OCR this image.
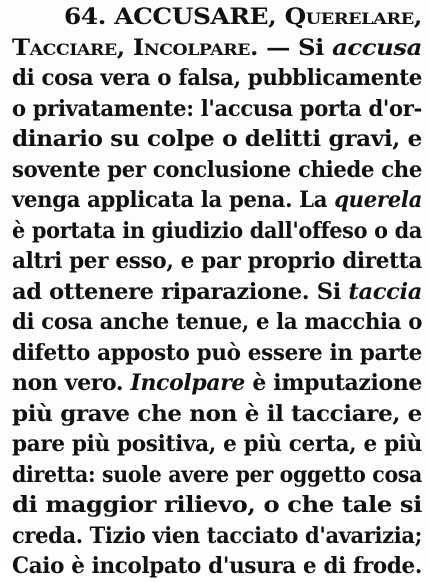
64. ACCUSARE, Querelare,
Tacciare, Incolpare. — Si accusa
di cosa vera o falsa, pubblicamente
o privatamente: l'accusa porta d'or-
dinario su colpe o delitti gravi, e
sovente per conclusione chiede che
venga applicata la pena. La querela
è portata in giudizio dall'offeso o da
altri per esso, e par proprio diretta
ad ottenere riparazione. Si taccia
di cosa anche tenue, e la macchia o
difetto apposto può essere in parte
non vero. Incolpare è imputazione
più grave che non è il tacciare, e
pare più positiva, e più certa, e più
diretta: suole avere per oggetto cosa
di maggior rilievo, o che tale si
creda. Tizio vien tacciato d'avarizia;
Caio è incolpato d'usura e di frode.
